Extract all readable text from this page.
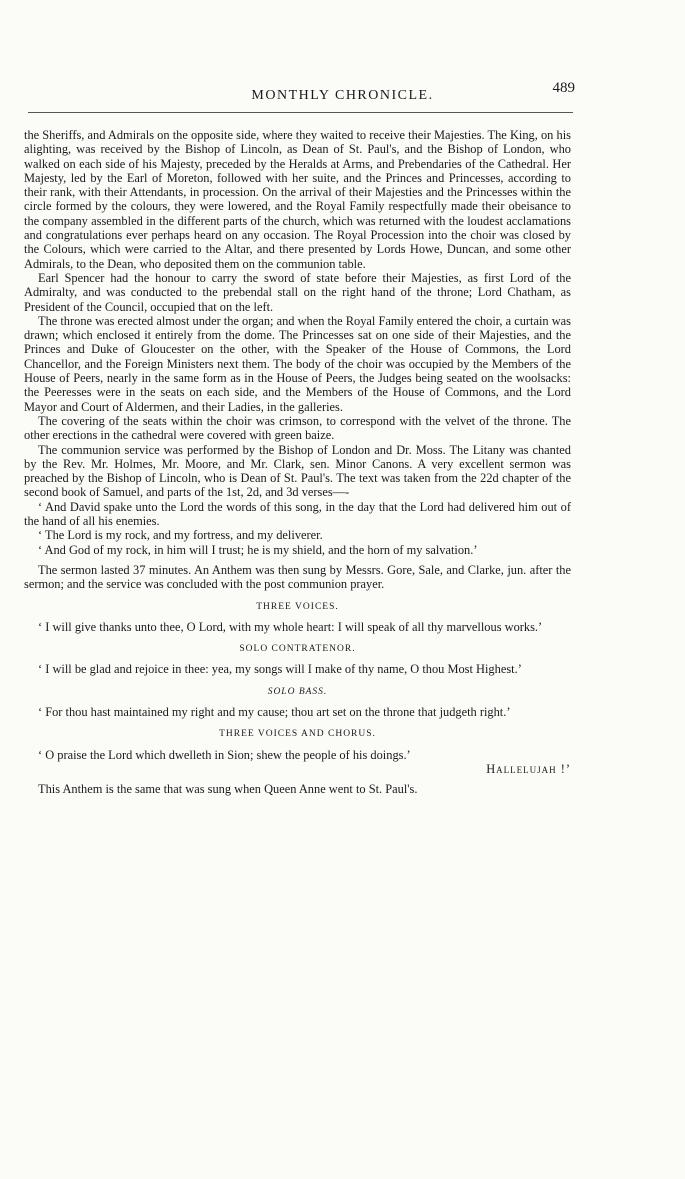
MONTHLY CHRONICLE.	489

the Sheriffs, and Admirals on the opposite side, where they waited to receive their Majesties. The King, on his alighting, was received by the Bishop of Lincoln, as Dean of St. Paul's, and the Bishop of London, who walked on each side of his Majesty, preceded by the Heralds at Arms, and Prebendaries of the Cathedral. Her Majesty, led by the Earl of Moreton, followed with her suite, and the Princes and Princesses, according to their rank, with their Attendants, in procession. On the arrival of their Majesties and the Princesses within the circle formed by the colours, they were lowered, and the Royal Family respectfully made their obeisance to the company assembled in the different parts of the church, which was returned with the loudest acclamations and congratulations ever perhaps heard on any occasion. The Royal Procession into the choir was closed by the Colours, which were carried to the Altar, and there presented by Lords Howe, Duncan, and some other Admirals, to the Dean, who deposited them on the communion table.

Earl Spencer had the honour to carry the sword of state before their Majesties, as first Lord of the Admiralty, and was conducted to the prebendal stall on the right hand of the throne; Lord Chatham, as President of the Council, occupied that on the left.

The throne was erected almost under the organ; and when the Royal Family entered the choir, a curtain was drawn; which enclosed it entirely from the dome. The Princesses sat on one side of their Majesties, and the Princes and Duke of Gloucester on the other, with the Speaker of the House of Commons, the Lord Chancellor, and the Foreign Ministers next them. The body of the choir was occupied by the Members of the House of Peers, nearly in the same form as in the House of Peers, the Judges being seated on the woolsacks: the Peeresses were in the seats on each side, and the Members of the House of Commons, and the Lord Mayor and Court of Aldermen, and their Ladies, in the galleries.

The covering of the seats within the choir was crimson, to correspond with the velvet of the throne. The other erections in the cathedral were covered with green baize.

The communion service was performed by the Bishop of London and Dr. Moss. The Litany was chanted by the Rev. Mr. Holmes, Mr. Moore, and Mr. Clark, sen. Minor Canons. A very excellent sermon was preached by the Bishop of Lincoln, who is Dean of St. Paul's. The text was taken from the 22d chapter of the second book of Samuel, and parts of the 1st, 2d, and 3d verses—-

‘ And David spake unto the Lord the words of this song, in the day that the Lord had delivered him out of the hand of all his enemies.

‘ The Lord is my rock, and my fortress, and my deliverer.

‘ And God of my rock, in him will I trust; he is my shield, and the horn of my salvation.’

The sermon lasted 37 minutes. An Anthem was then sung by Messrs. Gore, Sale, and Clarke, jun. after the sermon; and the service was concluded with the post communion prayer.

THREE VOICES.

‘ I will give thanks unto thee, O Lord, with my whole heart: I will speak of all thy marvellous works.’

SOLO CONTRATENOR.

‘ I will be glad and rejoice in thee: yea, my songs will I make of thy name, O thou Most Highest.’

SOLO BASS.

‘ For thou hast maintained my right and my cause; thou art set on the throne that judgeth right.’

THREE VOICES AND CHORUS.

‘ O praise the Lord which dwelleth in Sion; shew the people of his doings.’

Hallelujah !’

This Anthem is the same that was sung when Queen Anne went to St. Paul's.
